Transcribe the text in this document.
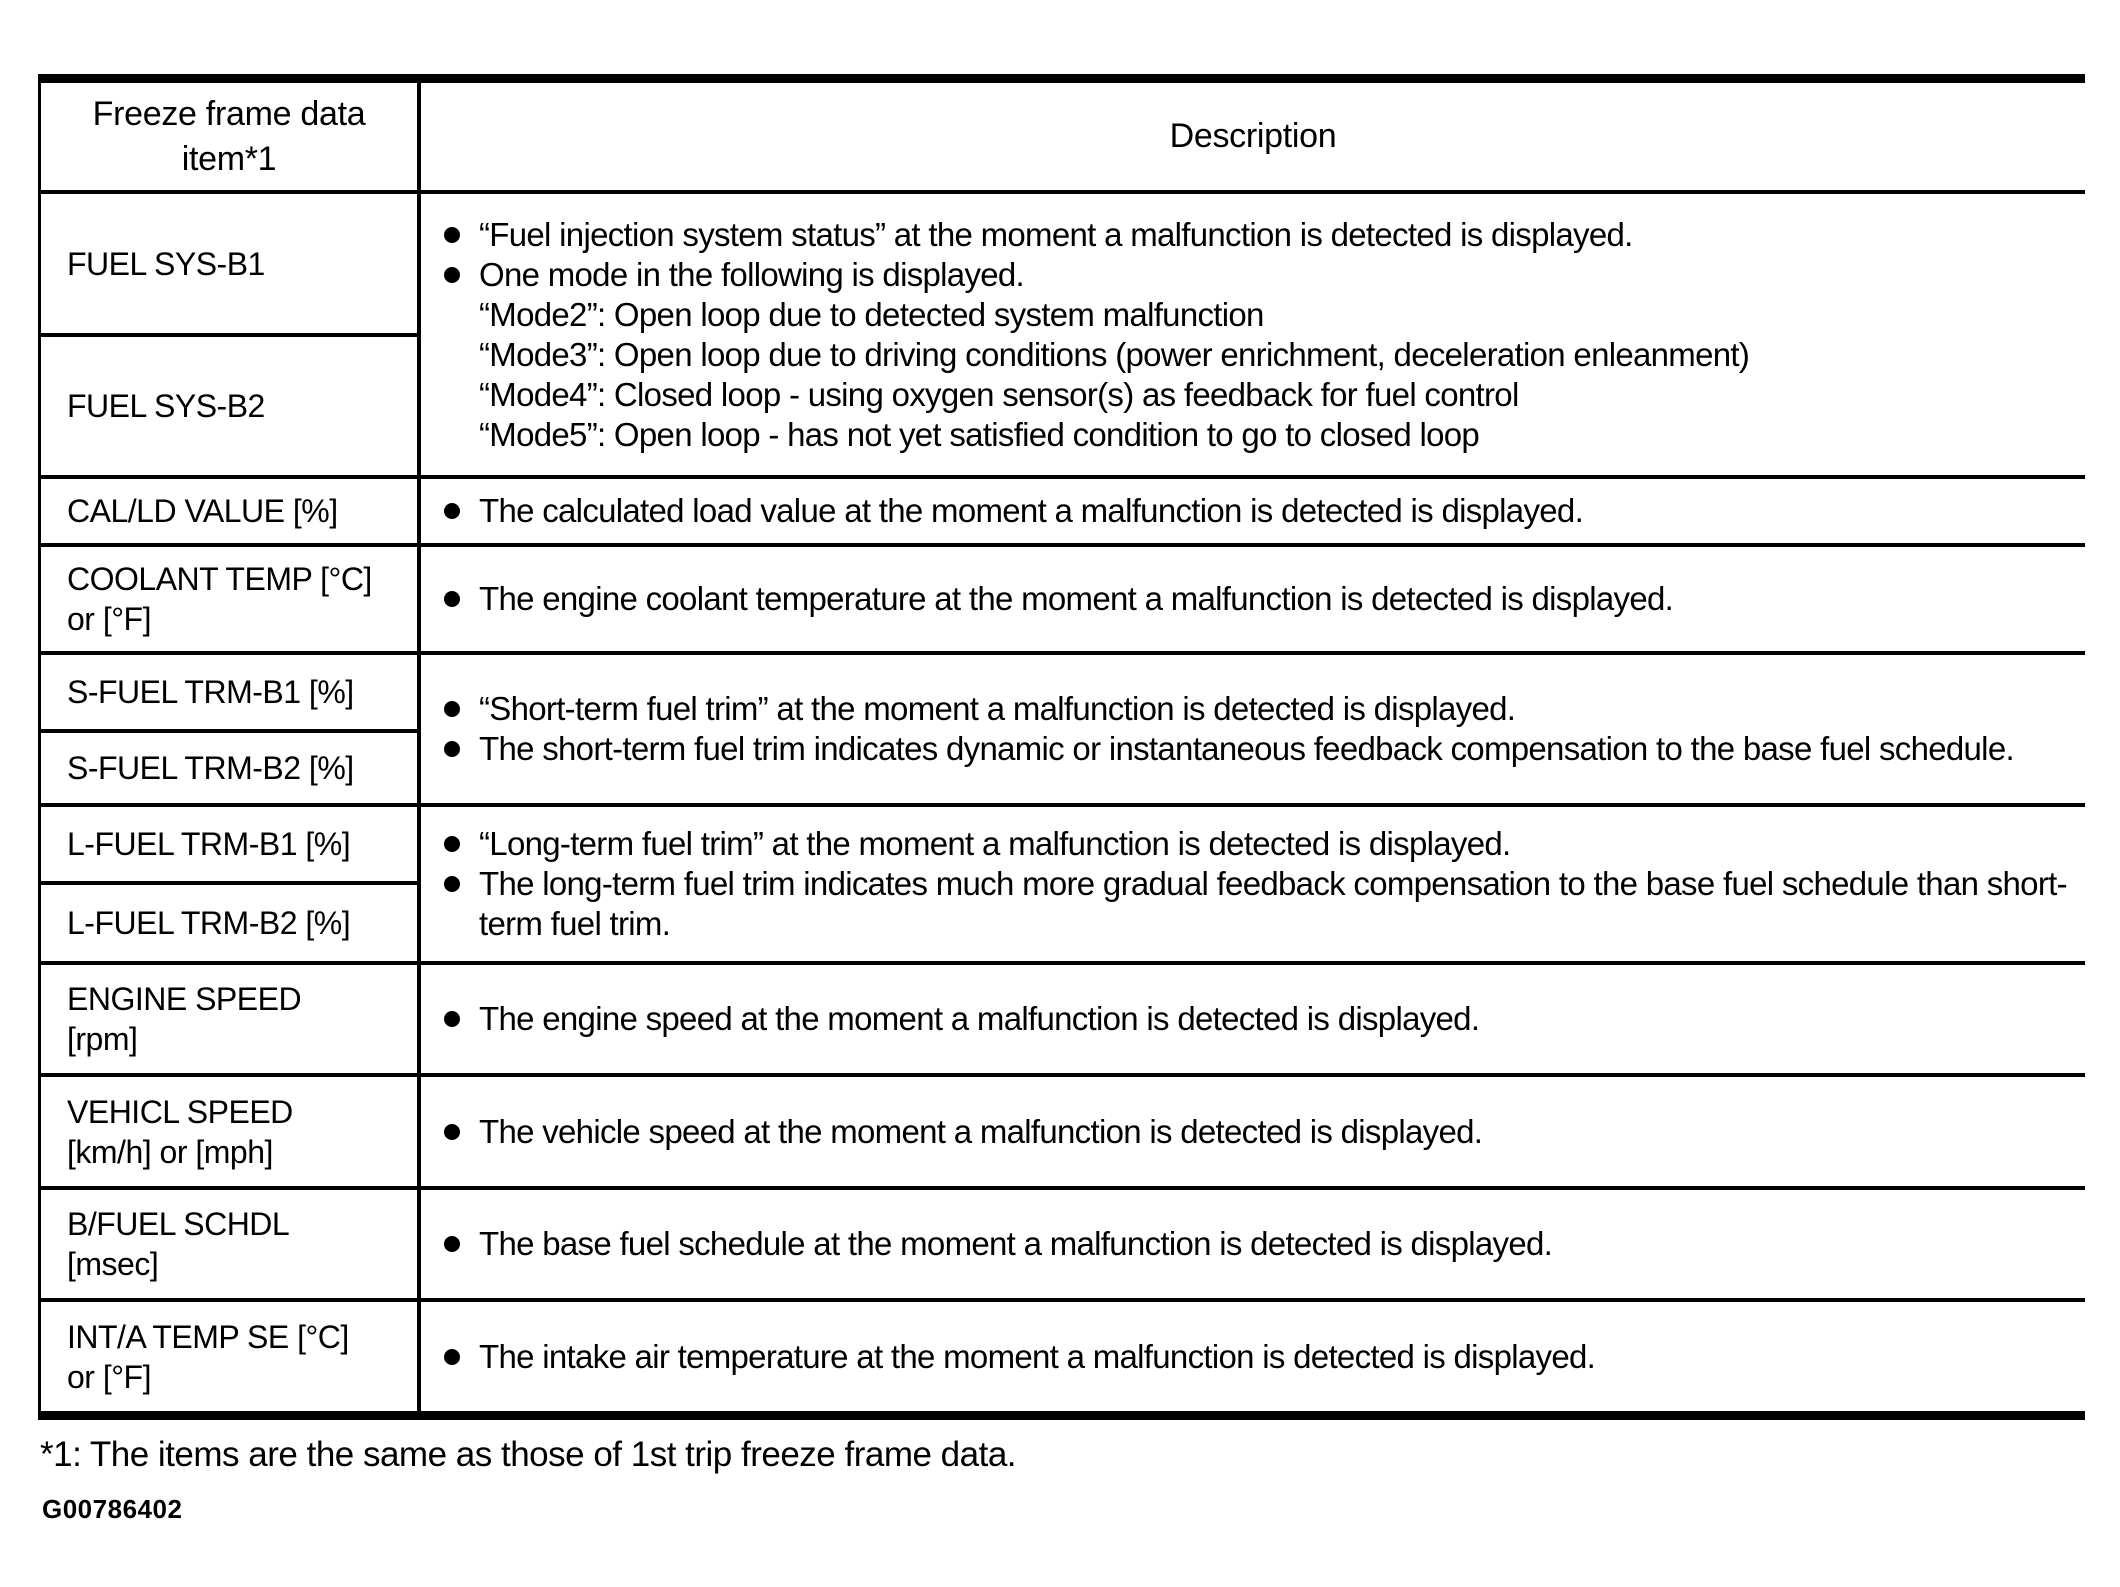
Freeze frame data
item*1
Description
FUEL SYS-B1
FUEL SYS-B2
“Fuel injection system status” at the moment a malfunction is detected is displayed.
One mode in the following is displayed.
“Mode2”: Open loop due to detected system malfunction
“Mode3”: Open loop due to driving conditions (power enrichment, deceleration enleanment)
“Mode4”: Closed loop - using oxygen sensor(s) as feedback for fuel control
“Mode5”: Open loop - has not yet satisfied condition to go to closed loop
CAL/LD VALUE [%]	The calculated load value at the moment a malfunction is detected is displayed.
COOLANT TEMP [°C]
or [°F]
The engine coolant temperature at the moment a malfunction is detected is displayed.
S-FUEL TRM-B1 [%]
S-FUEL TRM-B2 [%]
“Short-term fuel trim” at the moment a malfunction is detected is displayed.
The short-term fuel trim indicates dynamic or instantaneous feedback compensation to the base fuel schedule.
L-FUEL TRM-B1 [%]
L-FUEL TRM-B2 [%]
“Long-term fuel trim” at the moment a malfunction is detected is displayed.
The long-term fuel trim indicates much more gradual feedback compensation to the base fuel schedule than short-term fuel trim.
ENGINE SPEED
[rpm]
The engine speed at the moment a malfunction is detected is displayed.
VEHICL SPEED
[km/h] or [mph]
The vehicle speed at the moment a malfunction is detected is displayed.
B/FUEL SCHDL
[msec]
The base fuel schedule at the moment a malfunction is detected is displayed.
INT/A TEMP SE [°C]
or [°F]
The intake air temperature at the moment a malfunction is detected is displayed.
*1: The items are the same as those of 1st trip freeze frame data.
G00786402
